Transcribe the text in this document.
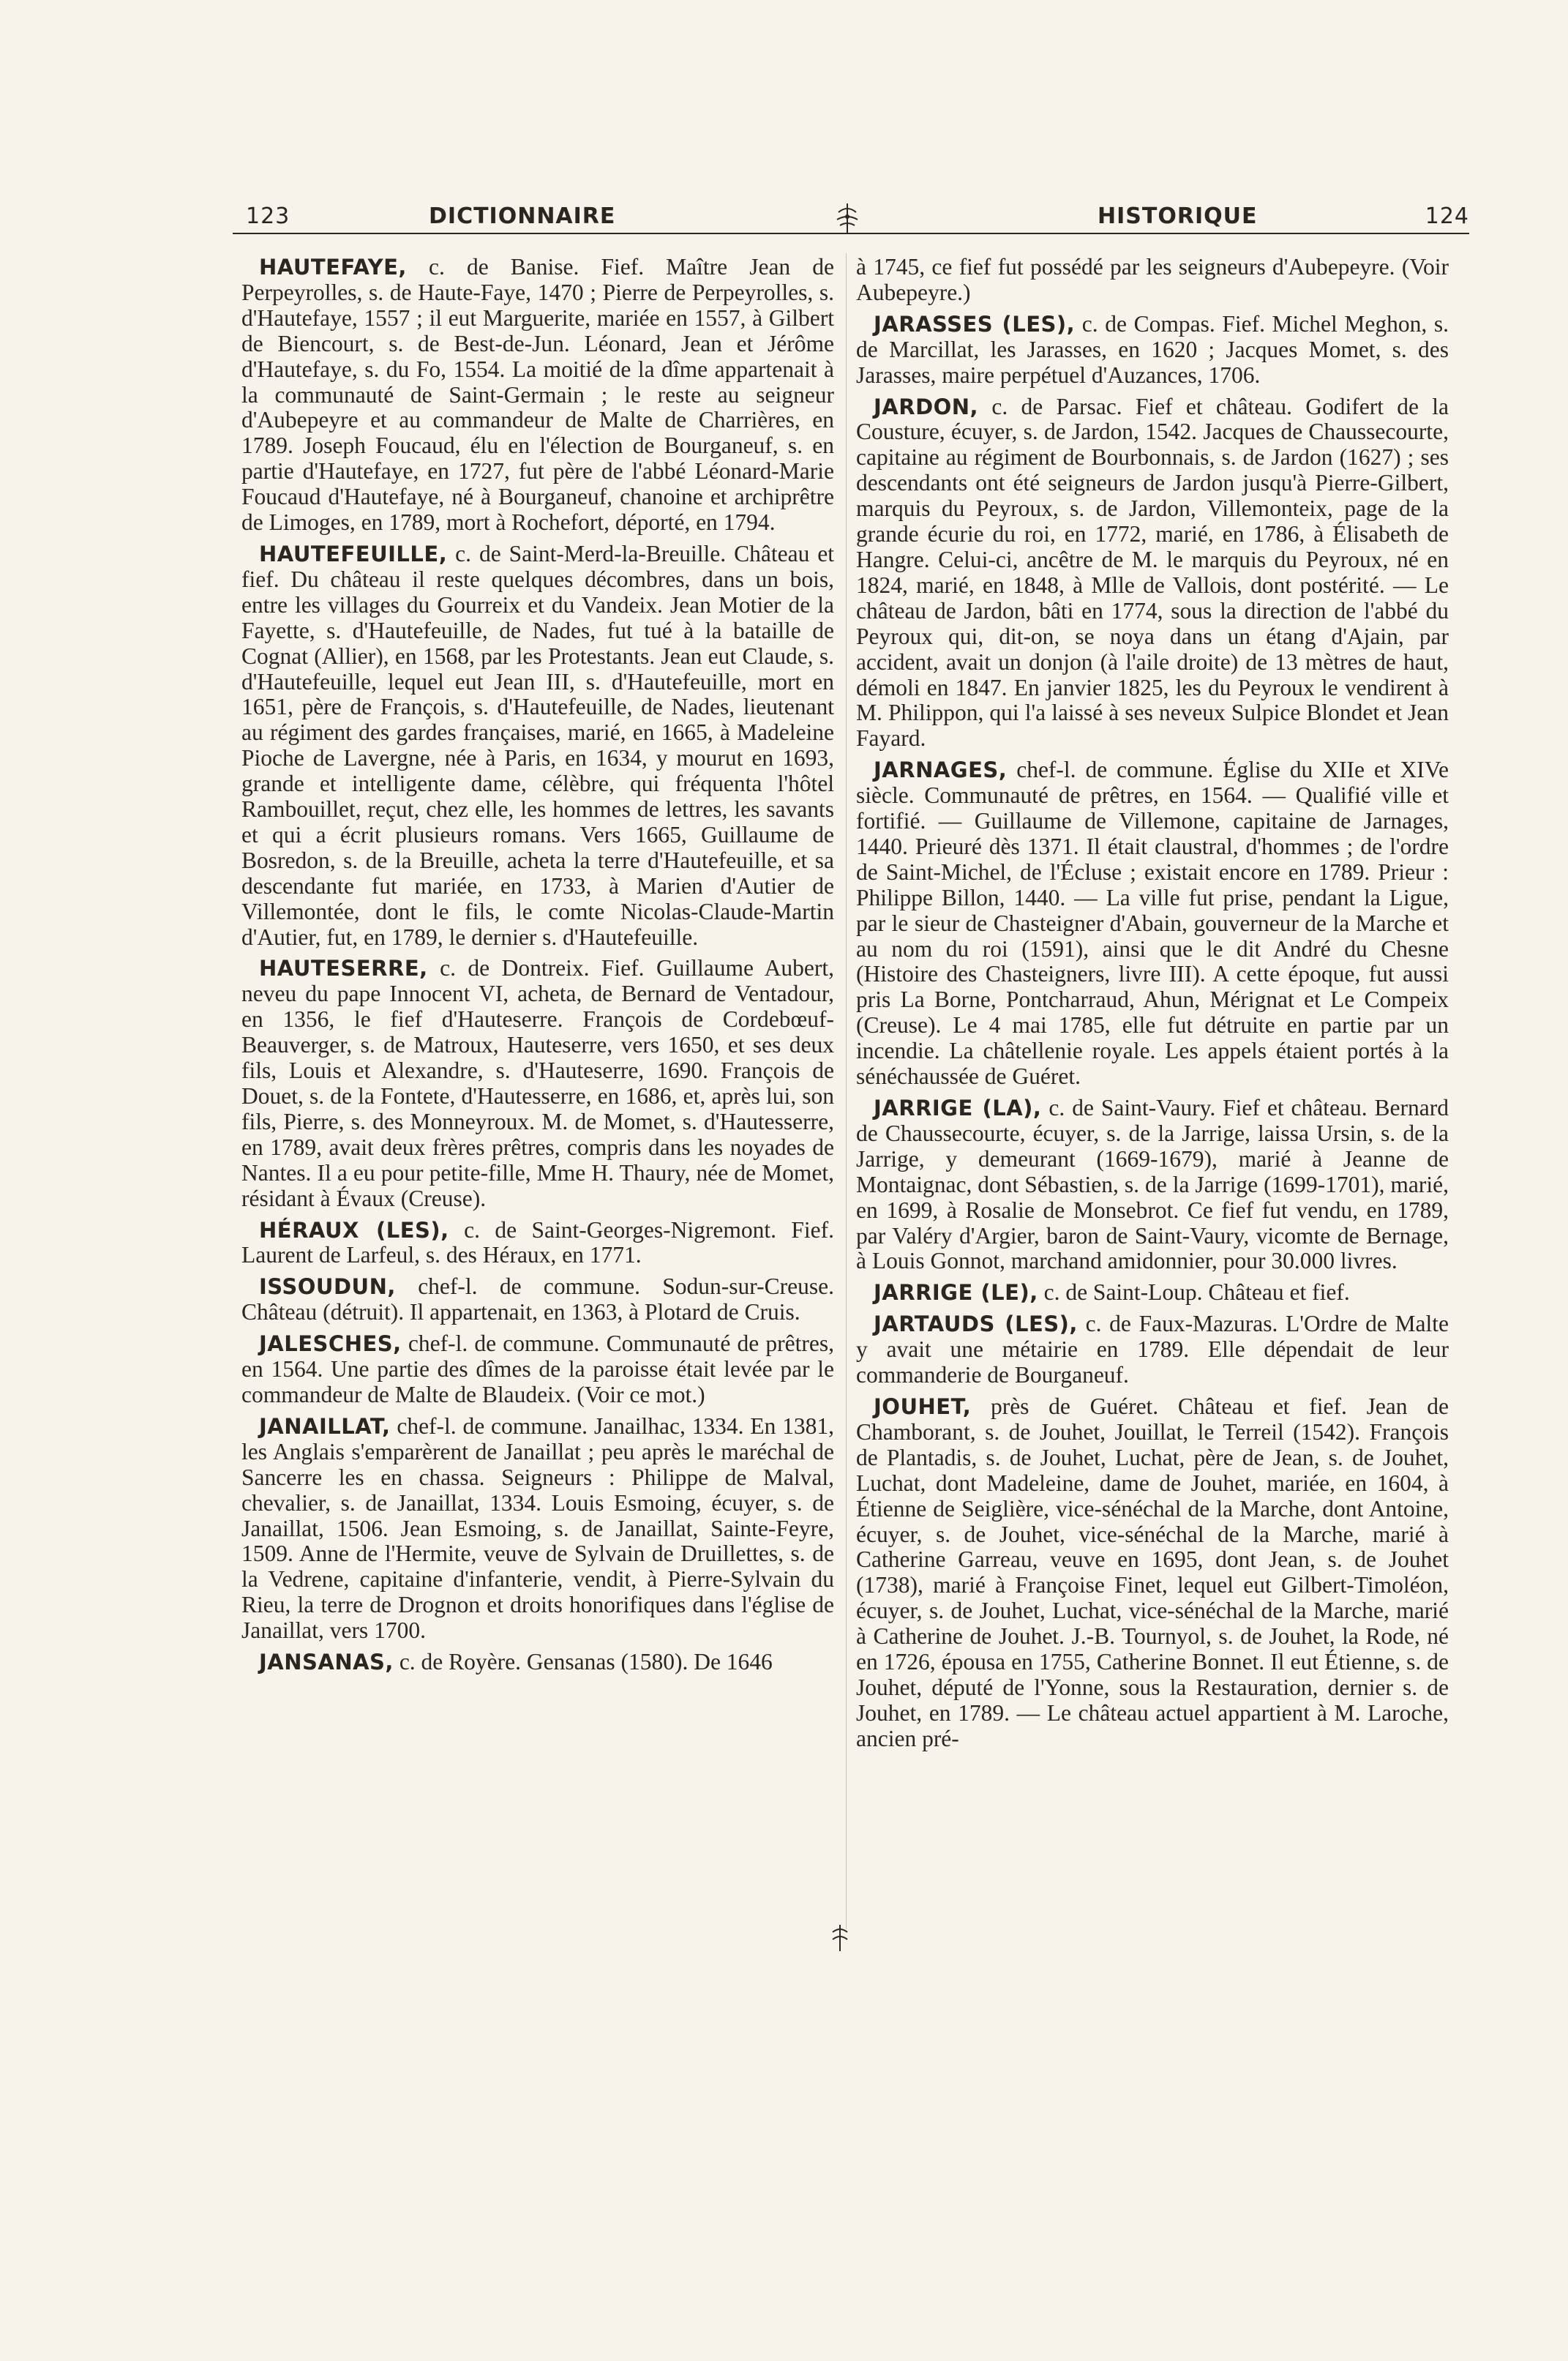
123	DICTIONNAIRE	HISTORIQUE	124

HAUTEFAYE, c. de Banise. Fief. Maître Jean de Perpeyrolles, s. de Haute-Faye, 1470 ; Pierre de Perpeyrolles, s. d'Hautefaye, 1557 ; il eut Marguerite, mariée en 1557, à Gilbert de Biencourt, s. de Best-de-Jun. Léonard, Jean et Jérôme d'Hautefaye, s. du Fo, 1554. La moitié de la dîme appartenait à la communauté de Saint-Germain ; le reste au seigneur d'Aubepeyre et au commandeur de Malte de Charrières, en 1789. Joseph Foucaud, élu en l'élection de Bourganeuf, s. en partie d'Hautefaye, en 1727, fut père de l'abbé Léonard-Marie Foucaud d'Hautefaye, né à Bourganeuf, chanoine et archiprêtre de Limoges, en 1789, mort à Rochefort, déporté, en 1794.

HAUTEFEUILLE, c. de Saint-Merd-la-Breuille. Château et fief. Du château il reste quelques décombres, dans un bois, entre les villages du Gourreix et du Vandeix. Jean Motier de la Fayette, s. d'Hautefeuille, de Nades, fut tué à la bataille de Cognat (Allier), en 1568, par les Protestants. Jean eut Claude, s. d'Hautefeuille, lequel eut Jean III, s. d'Hautefeuille, mort en 1651, père de François, s. d'Hautefeuille, de Nades, lieutenant au régiment des gardes françaises, marié, en 1665, à Madeleine Pioche de Lavergne, née à Paris, en 1634, y mourut en 1693, grande et intelligente dame, célèbre, qui fréquenta l'hôtel Rambouillet, reçut, chez elle, les hommes de lettres, les savants et qui a écrit plusieurs romans. Vers 1665, Guillaume de Bosredon, s. de la Breuille, acheta la terre d'Hautefeuille, et sa descendante fut mariée, en 1733, à Marien d'Autier de Villemontée, dont le fils, le comte Nicolas-Claude-Martin d'Autier, fut, en 1789, le dernier s. d'Hautefeuille.

HAUTESERRE, c. de Dontreix. Fief. Guillaume Aubert, neveu du pape Innocent VI, acheta, de Bernard de Ventadour, en 1356, le fief d'Hauteserre. François de Cordebœuf-Beauverger, s. de Matroux, Hauteserre, vers 1650, et ses deux fils, Louis et Alexandre, s. d'Hauteserre, 1690. François de Douet, s. de la Fontete, d'Hautesserre, en 1686, et, après lui, son fils, Pierre, s. des Monneyroux. M. de Momet, s. d'Hautesserre, en 1789, avait deux frères prêtres, compris dans les noyades de Nantes. Il a eu pour petite-fille, Mme H. Thaury, née de Momet, résidant à Évaux (Creuse).

HÉRAUX (LES), c. de Saint-Georges-Nigremont. Fief. Laurent de Larfeul, s. des Héraux, en 1771.

ISSOUDUN, chef-l. de commune. Sodun-sur-Creuse. Château (détruit). Il appartenait, en 1363, à Plotard de Cruis.

JALESCHES, chef-l. de commune. Communauté de prêtres, en 1564. Une partie des dîmes de la paroisse était levée par le commandeur de Malte de Blaudeix. (Voir ce mot.)

JANAILLAT, chef-l. de commune. Janailhac, 1334. En 1381, les Anglais s'emparèrent de Janaillat ; peu après le maréchal de Sancerre les en chassa. Seigneurs : Philippe de Malval, chevalier, s. de Janaillat, 1334. Louis Esmoing, écuyer, s. de Janaillat, 1506. Jean Esmoing, s. de Janaillat, Sainte-Feyre, 1509. Anne de l'Hermite, veuve de Sylvain de Druillettes, s. de la Vedrene, capitaine d'infanterie, vendit, à Pierre-Sylvain du Rieu, la terre de Drognon et droits honorifiques dans l'église de Janaillat, vers 1700.

JANSANAS, c. de Royère. Gensanas (1580). De 1646

à 1745, ce fief fut possédé par les seigneurs d'Aubepeyre. (Voir Aubepeyre.)

JARASSES (LES), c. de Compas. Fief. Michel Meghon, s. de Marcillat, les Jarasses, en 1620 ; Jacques Momet, s. des Jarasses, maire perpétuel d'Auzances, 1706.

JARDON, c. de Parsac. Fief et château. Godifert de la Cousture, écuyer, s. de Jardon, 1542. Jacques de Chaussecourte, capitaine au régiment de Bourbonnais, s. de Jardon (1627) ; ses descendants ont été seigneurs de Jardon jusqu'à Pierre-Gilbert, marquis du Peyroux, s. de Jardon, Villemonteix, page de la grande écurie du roi, en 1772, marié, en 1786, à Élisabeth de Hangre. Celui-ci, ancêtre de M. le marquis du Peyroux, né en 1824, marié, en 1848, à Mlle de Vallois, dont postérité. — Le château de Jardon, bâti en 1774, sous la direction de l'abbé du Peyroux qui, dit-on, se noya dans un étang d'Ajain, par accident, avait un donjon (à l'aile droite) de 13 mètres de haut, démoli en 1847. En janvier 1825, les du Peyroux le vendirent à M. Philippon, qui l'a laissé à ses neveux Sulpice Blondet et Jean Fayard.

JARNAGES, chef-l. de commune. Église du XIIe et XIVe siècle. Communauté de prêtres, en 1564. — Qualifié ville et fortifié. — Guillaume de Villemone, capitaine de Jarnages, 1440. Prieuré dès 1371. Il était claustral, d'hommes ; de l'ordre de Saint-Michel, de l'Écluse ; existait encore en 1789. Prieur : Philippe Billon, 1440. — La ville fut prise, pendant la Ligue, par le sieur de Chasteigner d'Abain, gouverneur de la Marche et au nom du roi (1591), ainsi que le dit André du Chesne (Histoire des Chasteigners, livre III). A cette époque, fut aussi pris La Borne, Pontcharraud, Ahun, Mérignat et Le Compeix (Creuse). Le 4 mai 1785, elle fut détruite en partie par un incendie. La châtellenie royale. Les appels étaient portés à la sénéchaussée de Guéret.

JARRIGE (LA), c. de Saint-Vaury. Fief et château. Bernard de Chaussecourte, écuyer, s. de la Jarrige, laissa Ursin, s. de la Jarrige, y demeurant (1669-1679), marié à Jeanne de Montaignac, dont Sébastien, s. de la Jarrige (1699-1701), marié, en 1699, à Rosalie de Monsebrot. Ce fief fut vendu, en 1789, par Valéry d'Argier, baron de Saint-Vaury, vicomte de Bernage, à Louis Gonnot, marchand amidonnier, pour 30.000 livres.

JARRIGE (LE), c. de Saint-Loup. Château et fief.

JARTAUDS (LES), c. de Faux-Mazuras. L'Ordre de Malte y avait une métairie en 1789. Elle dépendait de leur commanderie de Bourganeuf.

JOUHET, près de Guéret. Château et fief. Jean de Chamborant, s. de Jouhet, Jouillat, le Terreil (1542). François de Plantadis, s. de Jouhet, Luchat, père de Jean, s. de Jouhet, Luchat, dont Madeleine, dame de Jouhet, mariée, en 1604, à Étienne de Seiglière, vice-sénéchal de la Marche, dont Antoine, écuyer, s. de Jouhet, vice-sénéchal de la Marche, marié à Catherine Garreau, veuve en 1695, dont Jean, s. de Jouhet (1738), marié à Françoise Finet, lequel eut Gilbert-Timoléon, écuyer, s. de Jouhet, Luchat, vice-sénéchal de la Marche, marié à Catherine de Jouhet. J.-B. Tournyol, s. de Jouhet, la Rode, né en 1726, épousa en 1755, Catherine Bonnet. Il eut Étienne, s. de Jouhet, député de l'Yonne, sous la Restauration, dernier s. de Jouhet, en 1789. — Le château actuel appartient à M. Laroche, ancien pré-
